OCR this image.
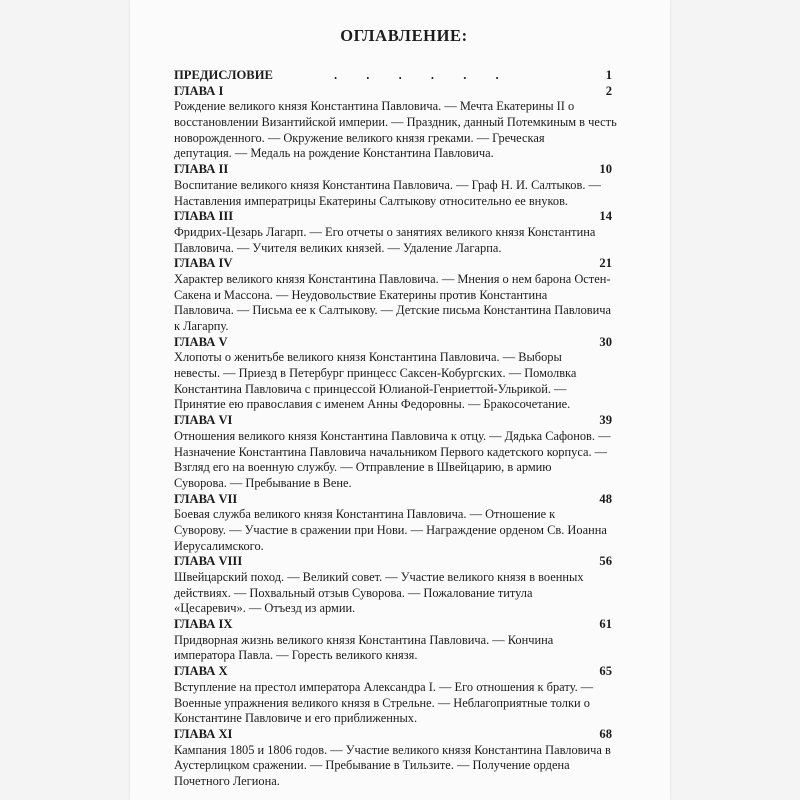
ОГЛАВЛЕНИЕ:
ПРЕДИСЛОВИЕ	. . . . . .	1
ГЛАВА I	2
Рождение великого князя Константина Павловича. — Мечта Екатерины II о
восстановлении Византийской империи. — Праздник, данный Потемкиным в честь
новорожденного. — Окружение великого князя греками. — Греческая
депутация. — Медаль на рождение Константина Павловича.
ГЛАВА II	10
Воспитание великого князя Константина Павловича. — Граф Н. И. Салтыков. —
Наставления императрицы Екатерины Салтыкову относительно ее внуков.
ГЛАВА III	14
Фридрих-Цезарь Лагарп. — Его отчеты о занятиях великого князя Константина
Павловича. — Учителя великих князей. — Удаление Лагарпа.
ГЛАВА IV	21
Характер великого князя Константина Павловича. — Мнения о нем барона Остен-
Сакена и Массона. — Неудовольствие Екатерины против Константина
Павловича. — Письма ее к Салтыкову. — Детские письма Константина Павловича
к Лагарпу.
ГЛАВА V	30
Хлопоты о женитьбе великого князя Константина Павловича. — Выборы
невесты. — Приезд в Петербург принцесс Саксен-Кобургских. — Помолвка
Константина Павловича с принцессой Юлианой-Генриеттой-Ульрикой. —
Принятие ею православия с именем Анны Федоровны. — Бракосочетание.
ГЛАВА VI	39
Отношения великого князя Константина Павловича к отцу. — Дядька Сафонов. —
Назначение Константина Павловича начальником Первого кадетского корпуса. —
Взгляд его на военную службу. — Отправление в Швейцарию, в армию
Суворова. — Пребывание в Вене.
ГЛАВА VII	48
Боевая служба великого князя Константина Павловича. — Отношение к
Суворову. — Участие в сражении при Нови. — Награждение орденом Св. Иоанна
Иерусалимского.
ГЛАВА VIII	56
Швейцарский поход. — Великий совет. — Участие великого князя в военных
действиях. — Похвальный отзыв Суворова. — Пожалование титула
«Цесаревич». — Отъезд из армии.
ГЛАВА IX	61
Придворная жизнь великого князя Константина Павловича. — Кончина
императора Павла. — Горесть великого князя.
ГЛАВА X	65
Вступление на престол императора Александра I. — Его отношения к брату. —
Военные упражнения великого князя в Стрельне. — Неблагоприятные толки о
Константине Павловиче и его приближенных.
ГЛАВА XI	68
Кампания 1805 и 1806 годов. — Участие великого князя Константина Павловича в
Аустерлицком сражении. — Пребывание в Тильзите. — Получение ордена
Почетного Легиона.
